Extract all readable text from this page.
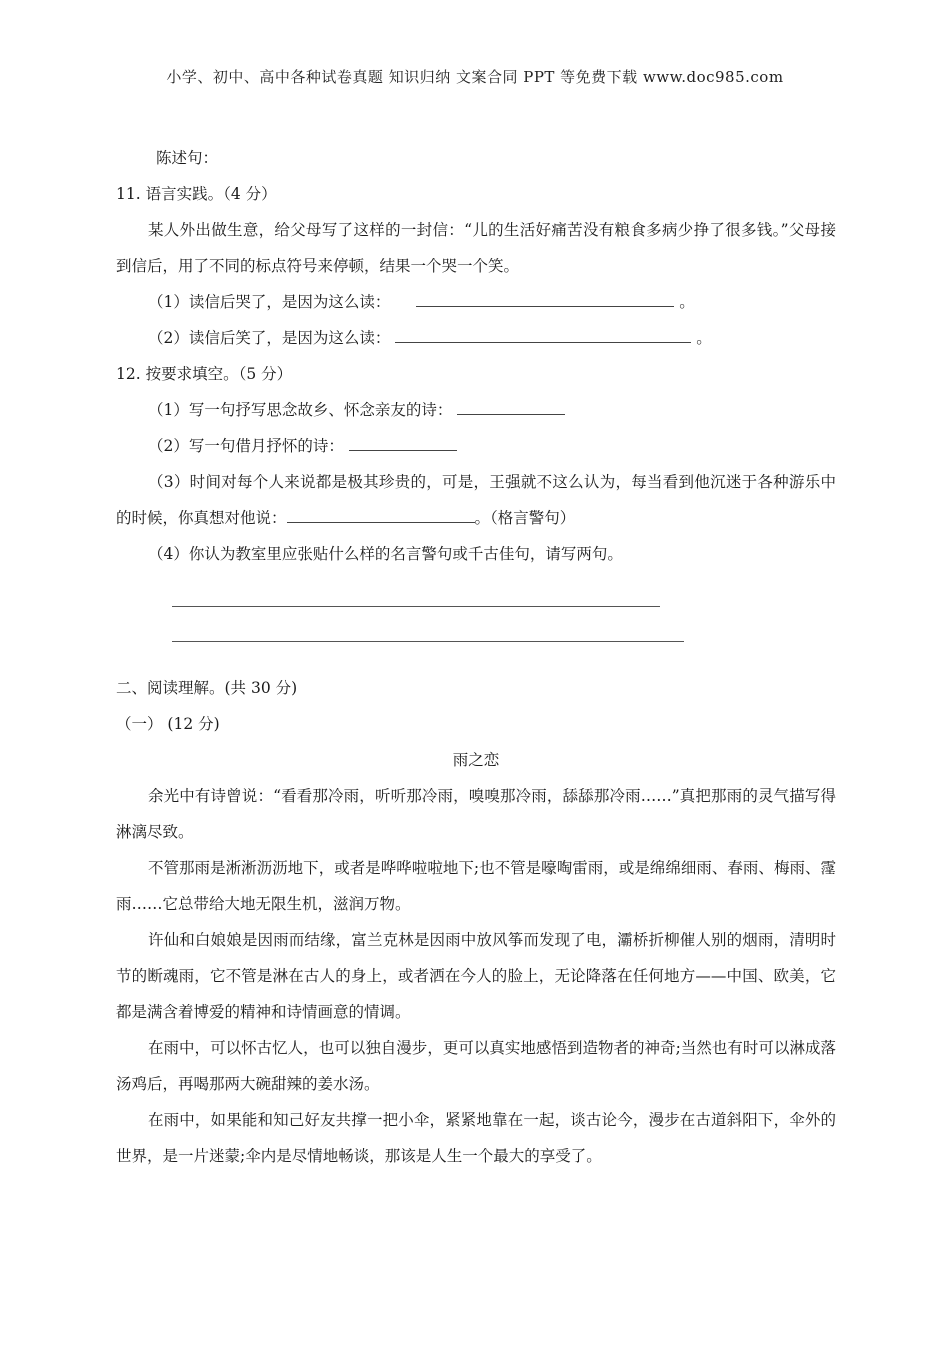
小学、初中、高中各种试卷真题 知识归纳 文案合同 PPT 等免费下载 www.doc985.com
陈述句：
11. 语言实践。（4 分）
某人外出做生意，给父母写了这样的一封信：“儿的生活好痛苦没有粮食多病少挣了很多钱。”父母接到信后，用了不同的标点符号来停顿，结果一个哭一个笑。
（1）读信后哭了，是因为这么读：	。
（2）读信后笑了，是因为这么读：	。
12. 按要求填空。（5 分）
（1）写一句抒写思念故乡、怀念亲友的诗：
（2）写一句借月抒怀的诗：
（3）时间对每个人来说都是极其珍贵的，可是，王强就不这么认为，每当看到他沉迷于各种游乐中的时候，你真想对他说：	。（格言警句）
（4）你认为教室里应张贴什么样的名言警句或千古佳句，请写两句。
二、阅读理解。(共 30 分)
（一） (12 分)
雨之恋
余光中有诗曾说：“看看那冷雨，听听那冷雨，嗅嗅那冷雨，舔舔那冷雨……”真把那雨的灵气描写得淋漓尽致。
不管那雨是淅淅沥沥地下，或者是哗哗啦啦地下;也不管是嚎啕雷雨，或是绵绵细雨、春雨、梅雨、霪雨……它总带给大地无限生机，滋润万物。
许仙和白娘娘是因雨而结缘，富兰克林是因雨中放风筝而发现了电，灞桥折柳催人别的烟雨，清明时节的断魂雨，它不管是淋在古人的身上，或者洒在今人的脸上，无论降落在任何地方——中国、欧美，它都是满含着博爱的精神和诗情画意的情调。
在雨中，可以怀古忆人，也可以独自漫步，更可以真实地感悟到造物者的神奇;当然也有时可以淋成落汤鸡后，再喝那两大碗甜辣的姜水汤。
在雨中，如果能和知己好友共撑一把小伞，紧紧地靠在一起，谈古论今，漫步在古道斜阳下，伞外的世界，是一片迷蒙;伞内是尽情地畅谈，那该是人生一个最大的享受了。
